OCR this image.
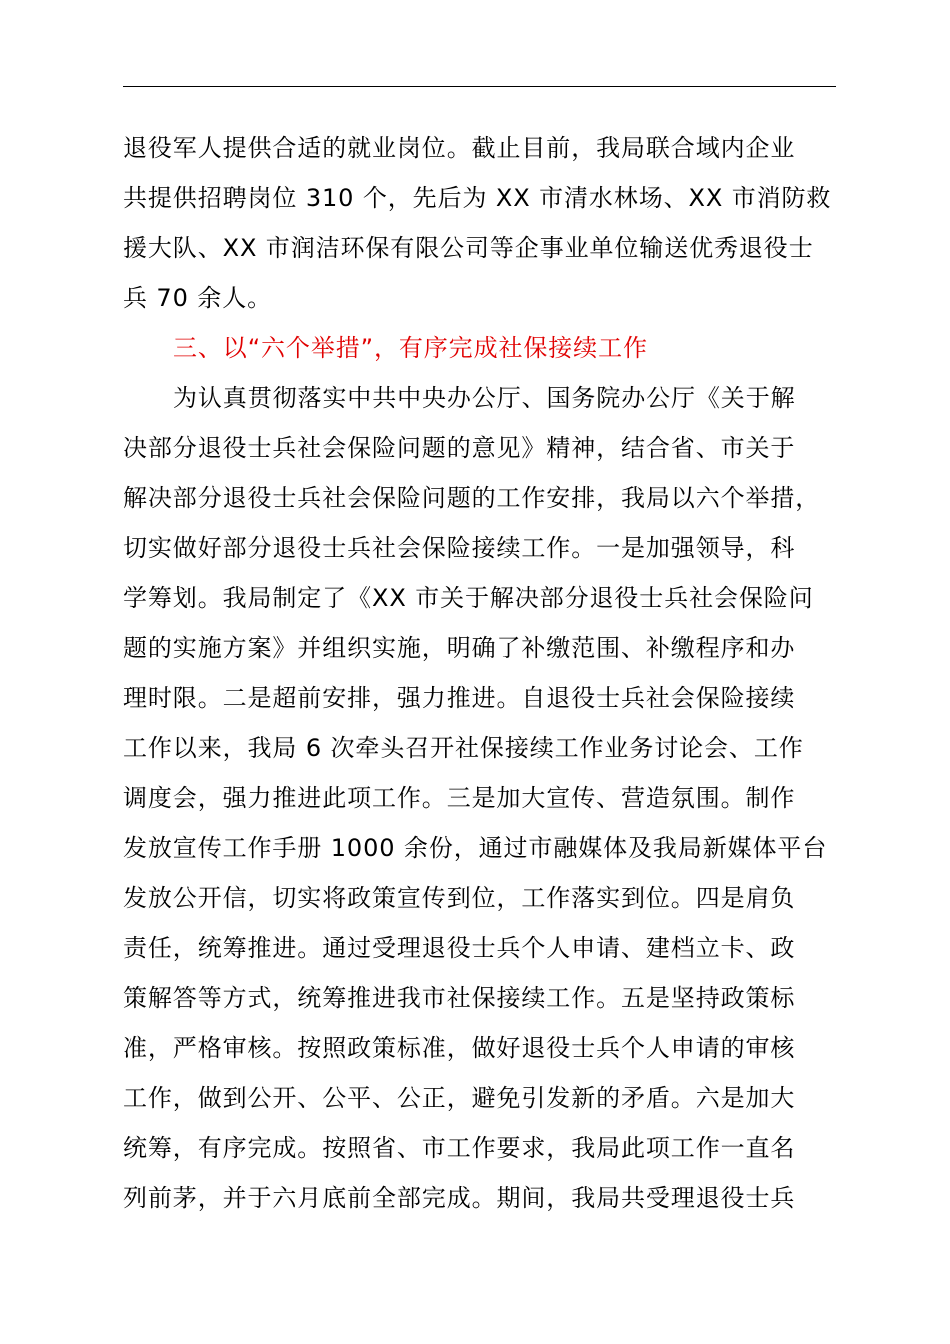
退役军人提供合适的就业岗位。截止目前，我局联合域内企业
共提供招聘岗位 310 个，先后为 XX 市清水林场、XX 市消防救
援大队、XX 市润洁环保有限公司等企事业单位输送优秀退役士
兵 70 余人。
三、以“六个举措”，有序完成社保接续工作
为认真贯彻落实中共中央办公厅、国务院办公厅《关于解
决部分退役士兵社会保险问题的意见》精神，结合省、市关于
解决部分退役士兵社会保险问题的工作安排，我局以六个举措，
切实做好部分退役士兵社会保险接续工作。一是加强领导，科
学筹划。我局制定了《XX 市关于解决部分退役士兵社会保险问
题的实施方案》并组织实施，明确了补缴范围、补缴程序和办
理时限。二是超前安排，强力推进。自退役士兵社会保险接续
工作以来，我局 6 次牵头召开社保接续工作业务讨论会、工作
调度会，强力推进此项工作。三是加大宣传、营造氛围。制作
发放宣传工作手册 1000 余份，通过市融媒体及我局新媒体平台
发放公开信，切实将政策宣传到位，工作落实到位。四是肩负
责任，统筹推进。通过受理退役士兵个人申请、建档立卡、政
策解答等方式，统筹推进我市社保接续工作。五是坚持政策标
准，严格审核。按照政策标准，做好退役士兵个人申请的审核
工作，做到公开、公平、公正，避免引发新的矛盾。六是加大
统筹，有序完成。按照省、市工作要求，我局此项工作一直名
列前茅，并于六月底前全部完成。期间，我局共受理退役士兵
